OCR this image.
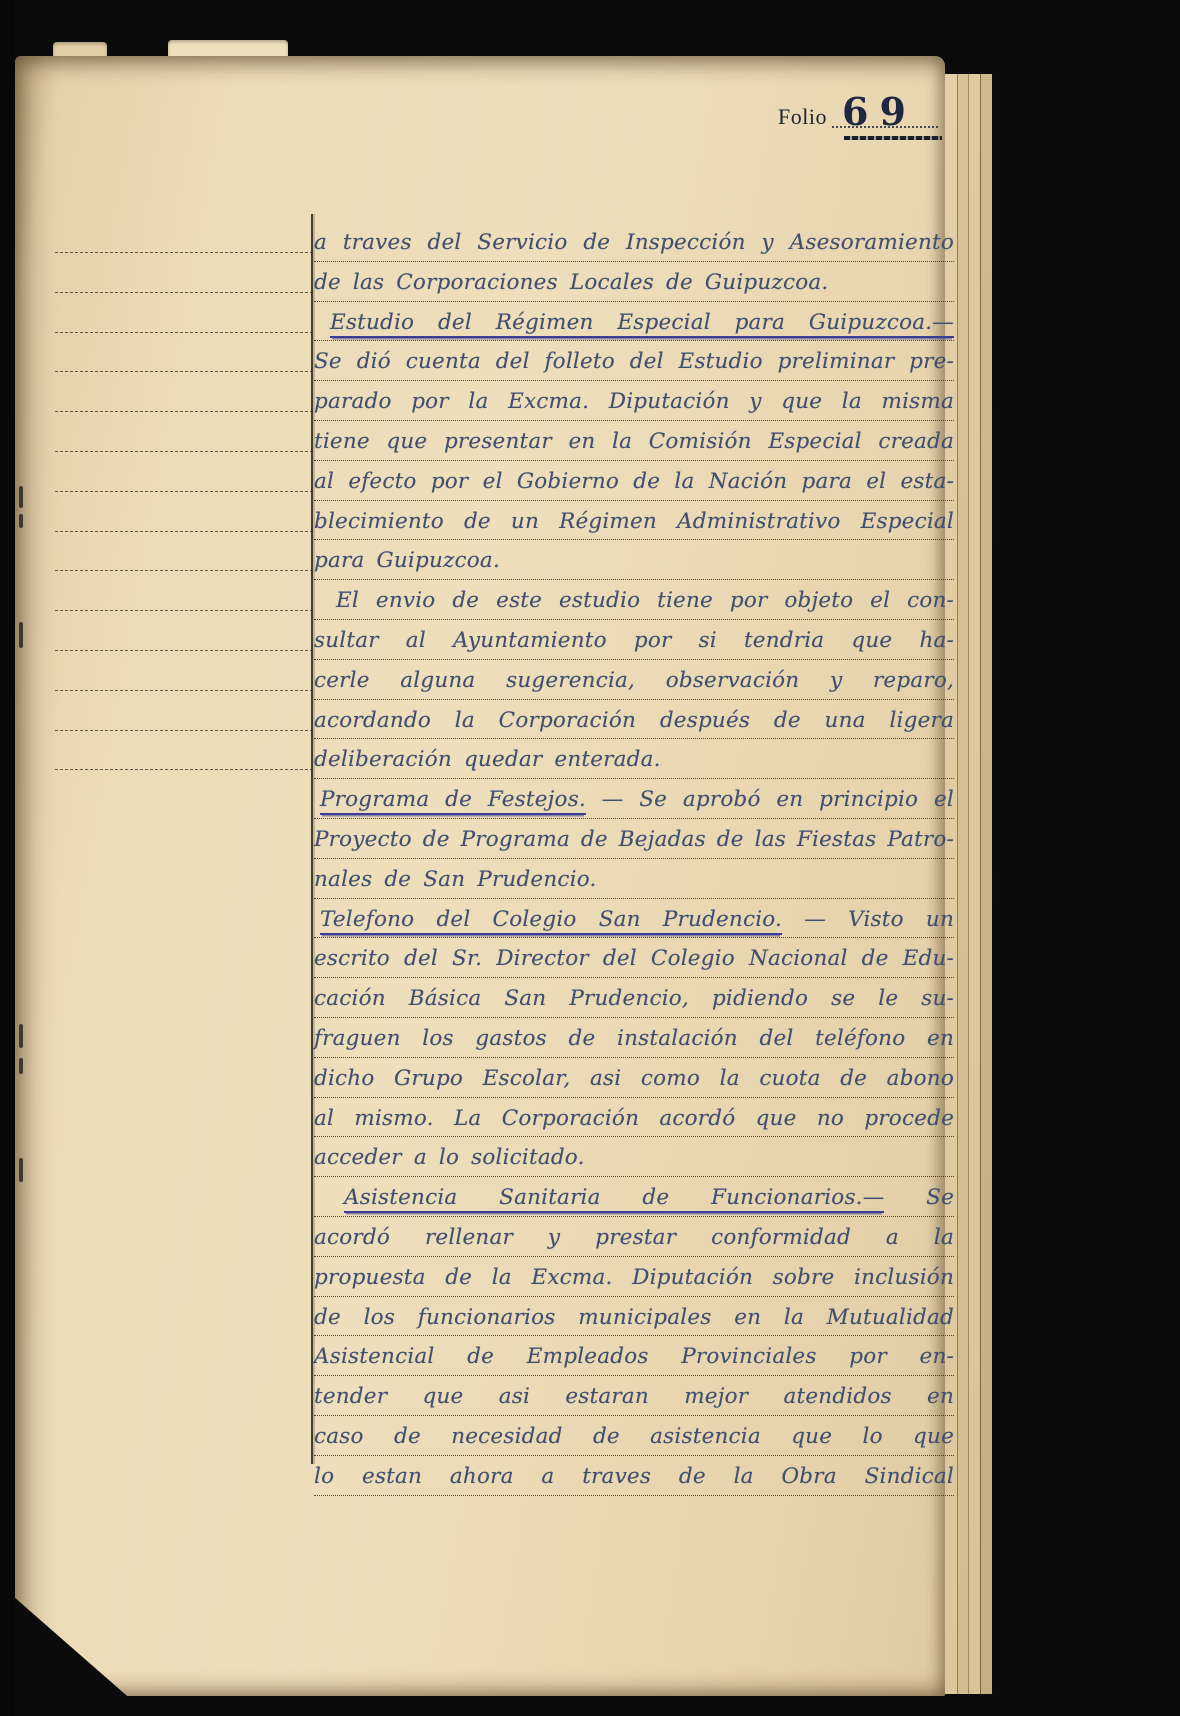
Folio 69
a traves del Servicio de Inspección y Asesoramiento
de las Corporaciones Locales de Guipuzcoa.
Estudio del Régimen Especial para Guipuzcoa.—
Se dió cuenta del folleto del Estudio preliminar pre-
parado por la Excma. Diputación y que la misma
tiene que presentar en la Comisión Especial creada
al efecto por el Gobierno de la Nación para el esta-
blecimiento de un Régimen Administrativo Especial
para Guipuzcoa.
El envio de este estudio tiene por objeto el con-
sultar al Ayuntamiento por si tendria que ha-
cerle alguna sugerencia, observación y reparo,
acordando la Corporación después de una ligera
deliberación quedar enterada.
Programa de Festejos. — Se aprobó en principio el
Proyecto de Programa de Bejadas de las Fiestas Patro-
nales de San Prudencio.
Telefono del Colegio San Prudencio. — Visto un
escrito del Sr. Director del Colegio Nacional de Edu-
cación Básica San Prudencio, pidiendo se le su-
fraguen los gastos de instalación del teléfono en
dicho Grupo Escolar, asi como la cuota de abono
al mismo. La Corporación acordó que no procede
acceder a lo solicitado.
Asistencia Sanitaria de Funcionarios.— Se
acordó rellenar y prestar conformidad a la
propuesta de la Excma. Diputación sobre inclusión
de los funcionarios municipales en la Mutualidad
Asistencial de Empleados Provinciales por en-
tender que asi estaran mejor atendidos en
caso de necesidad de asistencia que lo que
lo estan ahora a traves de la Obra Sindical
